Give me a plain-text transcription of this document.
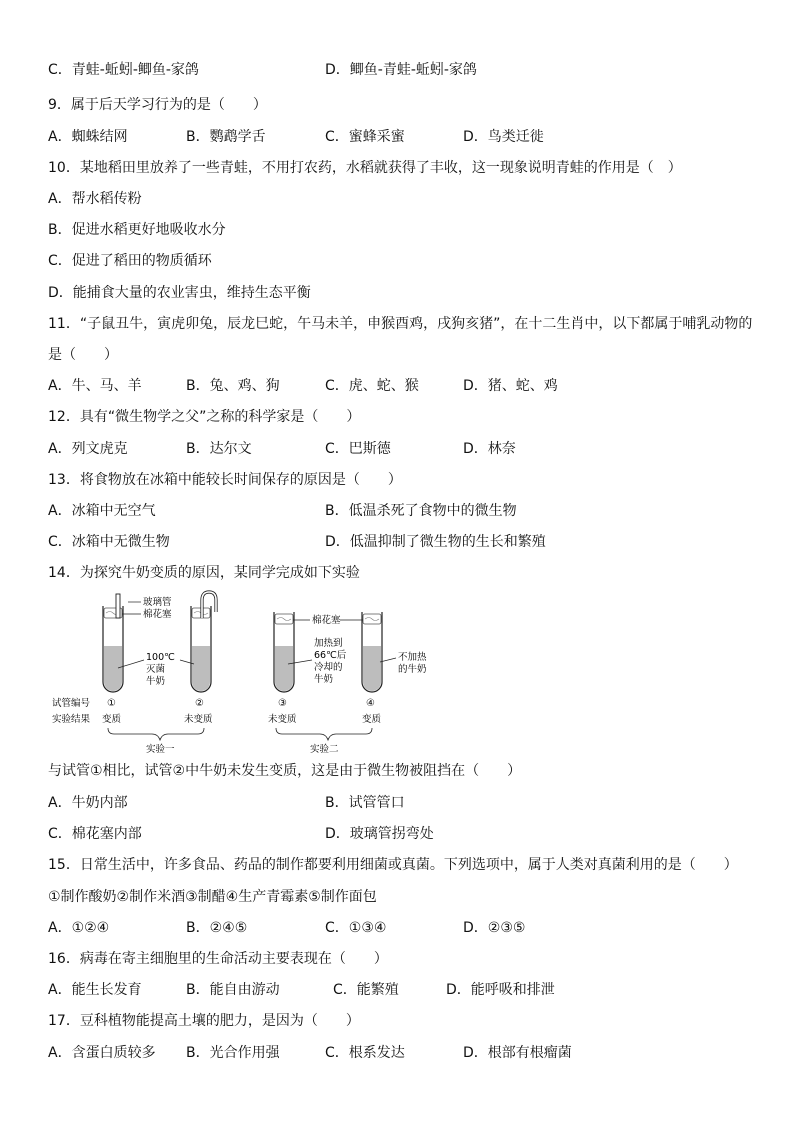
C．青蛙-蚯蚓-鲫鱼-家鸽	D．鲫鱼-青蛙-蚯蚓-家鸽
9．属于后天学习行为的是（　　）
A．蜘蛛结网	B．鹦鹉学舌	C．蜜蜂采蜜	D．鸟类迁徙
10．某地稻田里放养了一些青蛙，不用打农药，水稻就获得了丰收，这一现象说明青蛙的作用是（　）
A．帮水稻传粉
B．促进水稻更好地吸收水分
C．促进了稻田的物质循环
D．能捕食大量的农业害虫，维持生态平衡
11．“子鼠丑牛，寅虎卯兔，辰龙巳蛇，午马未羊，申猴酉鸡，戌狗亥猪”，在十二生肖中，以下都属于哺乳动物的
是（　　）
A．牛、马、羊	B．兔、鸡、狗	C．虎、蛇、猴	D．猪、蛇、鸡
12．具有“微生物学之父”之称的科学家是（　　）
A．列文虎克	B．达尔文	C．巴斯德	D．林奈
13．将食物放在冰箱中能较长时间保存的原因是（　　）
A．冰箱中无空气	B．低温杀死了食物中的微生物
C．冰箱中无微生物	D．低温抑制了微生物的生长和繁殖
14．为探究牛奶变质的原因，某同学完成如下实验
玻璃管
棉花塞
100℃
灭菌
牛奶
棉花塞
加热到
66℃后
冷却的
牛奶
不加热
的牛奶
试管编号
实验结果
①	②	③	④
变质	未变质	未变质	变质
实验一	实验二
与试管①相比，试管②中牛奶未发生变质，这是由于微生物被阻挡在（　　）
A．牛奶内部	B．试管管口
C．棉花塞内部	D．玻璃管拐弯处
15．日常生活中，许多食品、药品的制作都要利用细菌或真菌。下列选项中，属于人类对真菌利用的是（　　）
①制作酸奶②制作米酒③制醋④生产青霉素⑤制作面包
A．①②④	B．②④⑤	C．①③④	D．②③⑤
16．病毒在寄主细胞里的生命活动主要表现在（　　）
A．能生长发育	B．能自由游动	C．能繁殖	D．能呼吸和排泄
17．豆科植物能提高土壤的肥力，是因为（　　）
A．含蛋白质较多 B．光合作用强	C．根系发达	D．根部有根瘤菌
